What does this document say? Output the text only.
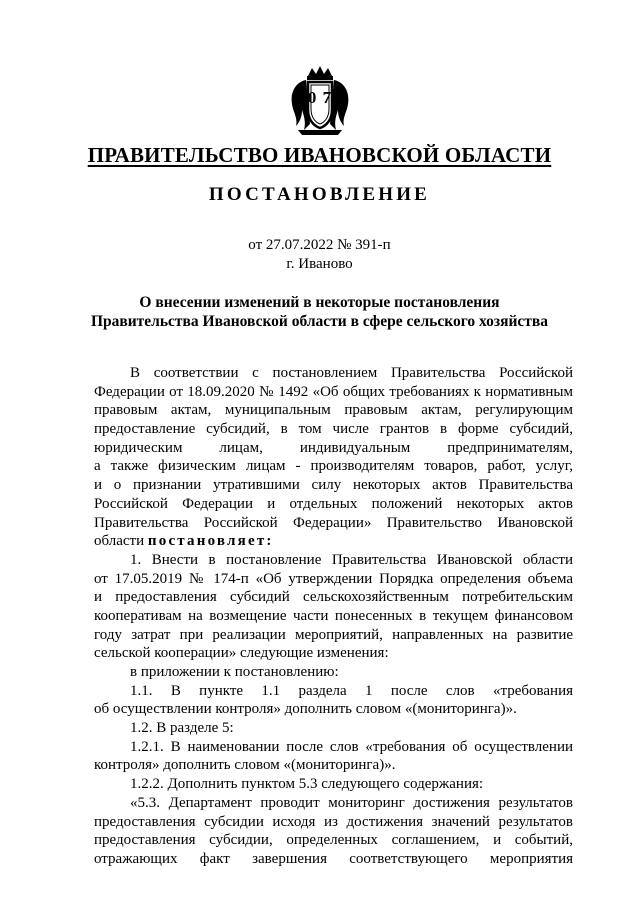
0 7
ПРАВИТЕЛЬСТВО ИВАНОВСКОЙ ОБЛАСТИ
ПОСТАНОВЛЕНИЕ
от 27.07.2022 № 391-п
г. Иваново
О внесении изменений в некоторые постановления
Правительства Ивановской области в сфере сельского хозяйства
В соответствии с постановлением Правительства Российской
Федерации от 18.09.2020 № 1492 «Об общих требованиях к нормативным
правовым актам, муниципальным правовым актам, регулирующим
предоставление субсидий, в том числе грантов в форме субсидий,
юридическим лицам, индивидуальным предпринимателям,
а также физическим лицам - производителям товаров, работ, услуг,
и о признании утратившими силу некоторых актов Правительства
Российской Федерации и отдельных положений некоторых актов
Правительства Российской Федерации» Правительство Ивановской
области постановляет:
1. Внести в постановление Правительства Ивановской области
от 17.05.2019 № 174-п «Об утверждении Порядка определения объема
и предоставления субсидий сельскохозяйственным потребительским
кооперативам на возмещение части понесенных в текущем финансовом
году затрат при реализации мероприятий, направленных на развитие
сельской кооперации» следующие изменения:
в приложении к постановлению:
1.1. В пункте 1.1 раздела 1 после слов «требования
об осуществлении контроля» дополнить словом «(мониторинга)».
1.2. В разделе 5:
1.2.1. В наименовании после слов «требования об осуществлении
контроля» дополнить словом «(мониторинга)».
1.2.2. Дополнить пунктом 5.3 следующего содержания:
«5.3. Департамент проводит мониторинг достижения результатов
предоставления субсидии исходя из достижения значений результатов
предоставления субсидии, определенных соглашением, и событий,
отражающих факт завершения соответствующего мероприятия
